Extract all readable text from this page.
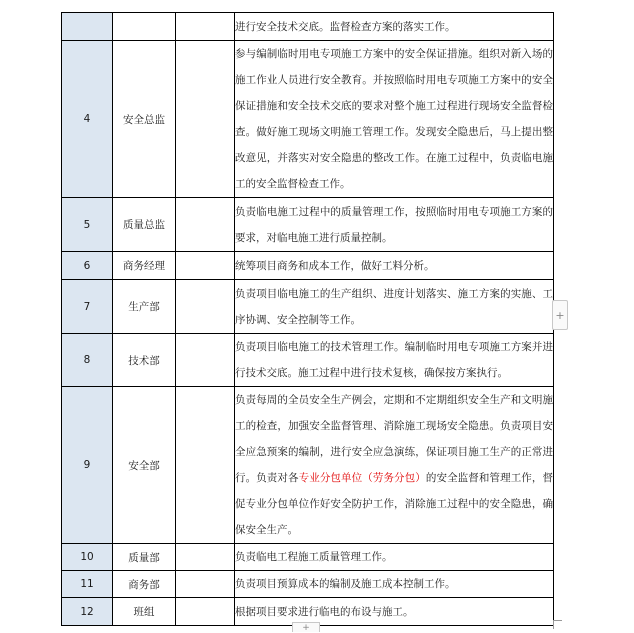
			进行安全技术交底。监督检查方案的落实工作。
4	安全总监		参与编制临时用电专项施工方案中的安全保证措施。组织对新入场的施工作业人员进行安全教育。并按照临时用电专项施工方案中的安全保证措施和安全技术交底的要求对整个施工过程进行现场安全监督检查。做好施工现场文明施工管理工作。发现安全隐患后，马上提出整改意见，并落实对安全隐患的整改工作。在施工过程中，负责临电施工的安全监督检查工作。
5	质量总监		负责临电施工过程中的质量管理工作，按照临时用电专项施工方案的要求，对临电施工进行质量控制。
6	商务经理		统筹项目商务和成本工作，做好工料分析。
7	生产部		负责项目临电施工的生产组织、进度计划落实、施工方案的实施、工序协调、安全控制等工作。
8	技术部		负责项目临电施工的技术管理工作。编制临时用电专项施工方案并进行技术交底。施工过程中进行技术复核，确保按方案执行。
9	安全部		负责每周的全员安全生产例会，定期和不定期组织安全生产和文明施工的检查，加强安全监督管理、消除施工现场安全隐患。负责项目安全应急预案的编制，进行安全应急演练，保证项目施工生产的正常进行。负责对各专业分包单位（劳务分包）的安全监督和管理工作，督促专业分包单位作好安全防护工作，消除施工过程中的安全隐患，确保安全生产。
10	质量部		负责临电工程施工质量管理工作。
11	商务部		负责项目预算成本的编制及施工成本控制工作。
12	班组		根据项目要求进行临电的布设与施工。
+
+
